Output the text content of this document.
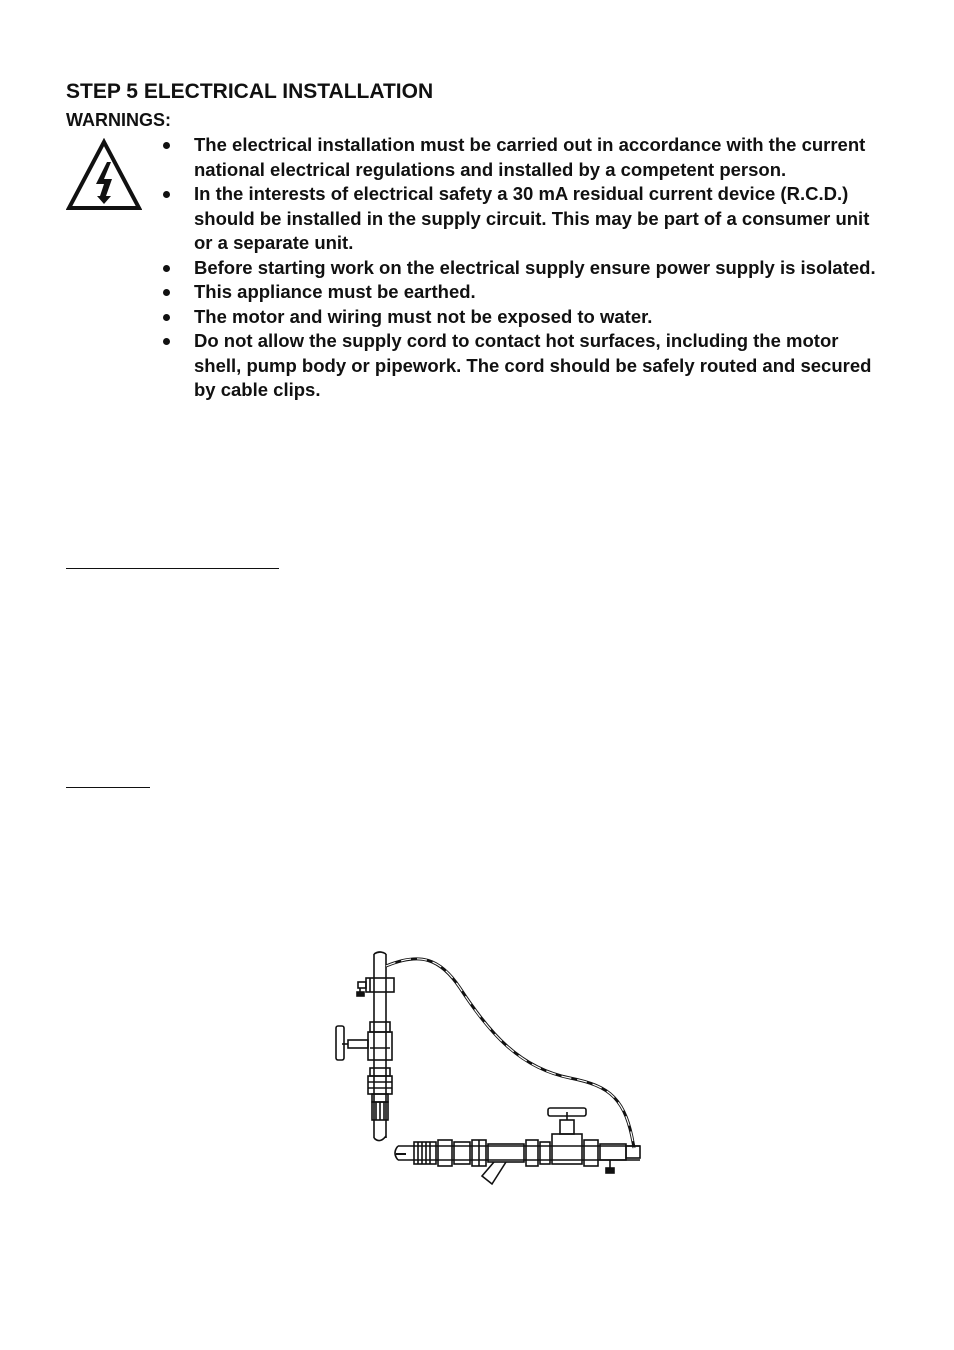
STEP 5 ELECTRICAL INSTALLATION
WARNINGS:
The electrical installation must be carried out in accordance with the current national electrical regulations and installed by a competent person.
In the interests of electrical safety a 30 mA residual current device (R.C.D.) should be installed in the supply circuit. This may be part of a consumer unit or a separate unit.
Before starting work on the electrical supply ensure power supply is isolated.
This appliance must be earthed.
The motor and wiring must not be exposed to water.
Do not allow the supply cord to contact hot surfaces, including the motor shell, pump body or pipework. The cord should be safely routed and secured by cable clips.
